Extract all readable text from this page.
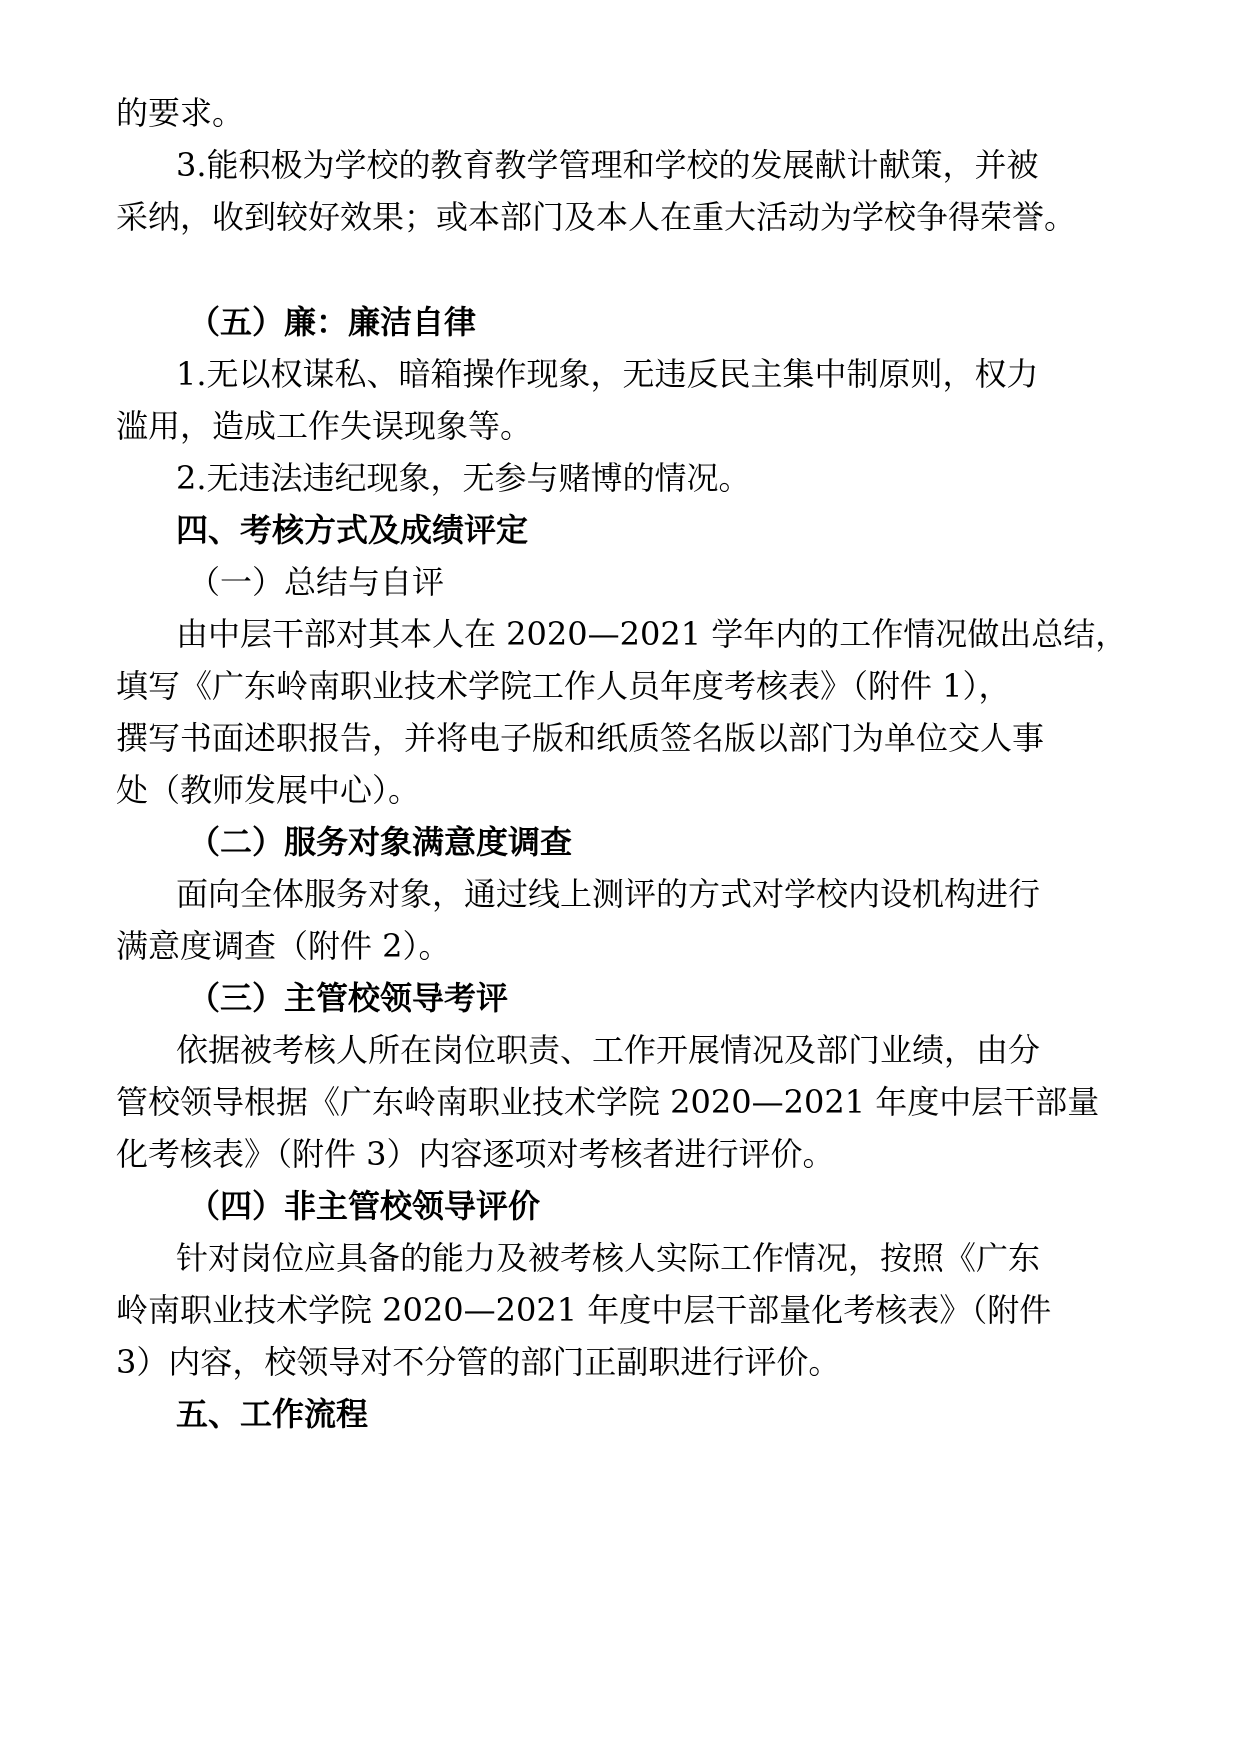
的要求。

3.能积极为学校的教育教学管理和学校的发展献计献策，并被

采纳，收到较好效果；或本部门及本人在重大活动为学校争得荣誉。

（五）廉：廉洁自律

1.无以权谋私、暗箱操作现象，无违反民主集中制原则，权力

滥用，造成工作失误现象等。

2.无违法违纪现象，无参与赌博的情况。

四、考核方式及成绩评定

（一）总结与自评

由中层干部对其本人在 2020—2021 学年内的工作情况做出总结，

填写《广东岭南职业技术学院工作人员年度考核表》（附件 1），

撰写书面述职报告，并将电子版和纸质签名版以部门为单位交人事

处（教师发展中心）。

（二）服务对象满意度调查

面向全体服务对象，通过线上测评的方式对学校内设机构进行

满意度调查（附件 2）。

（三）主管校领导考评

依据被考核人所在岗位职责、工作开展情况及部门业绩，由分

管校领导根据《广东岭南职业技术学院 2020—2021 年度中层干部量

化考核表》（附件 3）内容逐项对考核者进行评价。

（四）非主管校领导评价

针对岗位应具备的能力及被考核人实际工作情况，按照《广东

岭南职业技术学院 2020—2021 年度中层干部量化考核表》（附件

3）内容，校领导对不分管的部门正副职进行评价。

五、工作流程
